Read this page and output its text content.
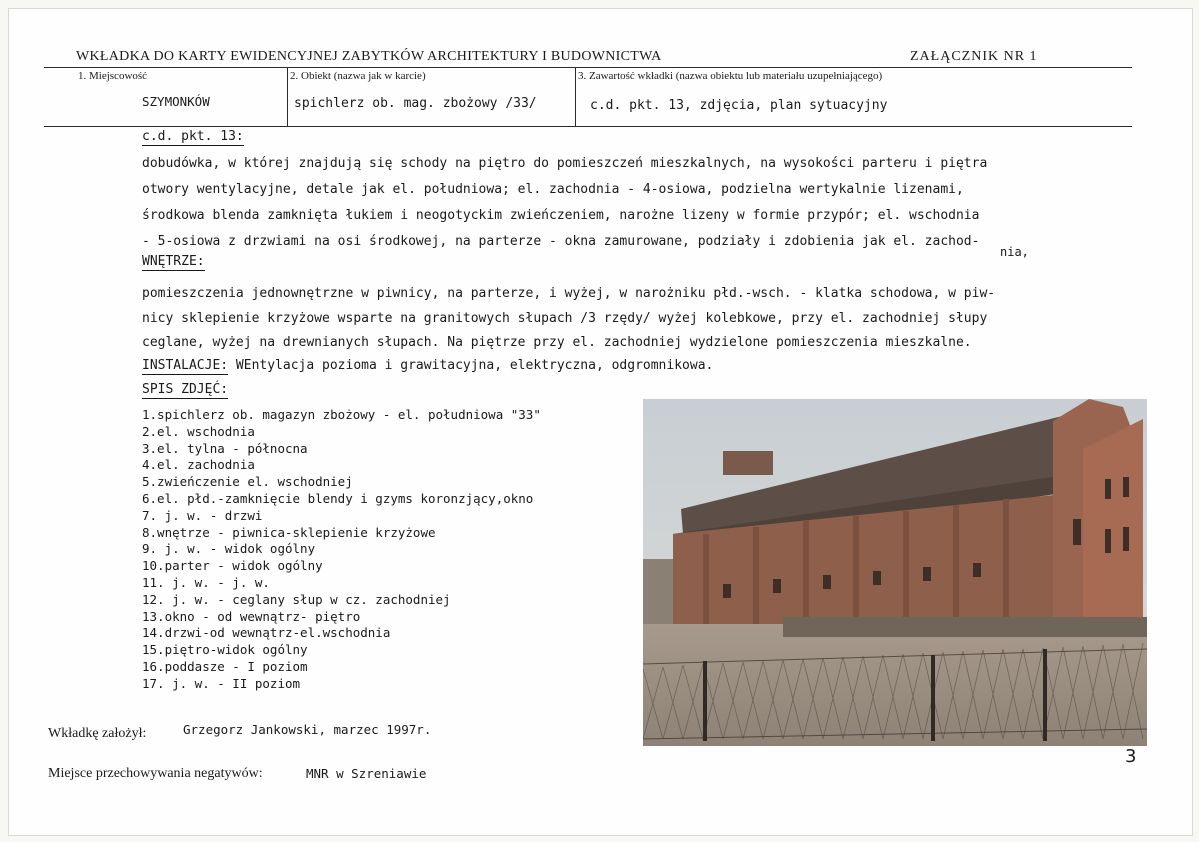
WKŁADKA DO KARTY EWIDENCYJNEJ ZABYTKÓW ARCHITEKTURY I BUDOWNICTWA	ZAŁĄCZNIK NR 1
1. Miejscowość
SZYMONKÓW
2. Obiekt (nazwa jak w karcie)
spichlerz ob. mag. zbożowy /33/
3. Zawartość wkładki (nazwa obiektu lub materiału uzupełniającego)
c.d. pkt. 13, zdjęcia, plan sytuacyjny
c.d. pkt. 13:
dobudówka, w której znajdują się schody na piętro do pomieszczeń mieszkalnych, na wysokości parteru i piętra
otwory wentylacyjne, detale jak el. południowa; el. zachodnia - 4-osiowa, podzielna wertykalnie lizenami,
środkowa blenda zamknięta łukiem i neogotyckim zwieńczeniem, narożne lizeny w formie przypór; el. wschodnia
- 5-osiowa z drzwiami na osi środkowej, na parterze - okna zamurowane, podziały i zdobienia jak el. zachod-
nia,
WNĘTRZE:
pomieszczenia jednownętrzne w piwnicy, na parterze, i wyżej, w narożniku płd.-wsch. - klatka schodowa, w piw-
nicy sklepienie krzyżowe wsparte na granitowych słupach /3 rzędy/ wyżej kolebkowe, przy el. zachodniej słupy
ceglane, wyżej na drewnianych słupach. Na piętrze przy el. zachodniej wydzielone pomieszczenia mieszkalne.
INSTALACJE: WEntylacja pozioma i grawitacyjna, elektryczna, odgromnikowa.
SPIS ZDJĘĆ:
1.spichlerz ob. magazyn zbożowy - el. południowa "33"
2.el. wschodnia
3.el. tylna - północna
4.el. zachodnia
5.zwieńczenie el. wschodniej
6.el. płd.-zamknięcie blendy i gzyms koronzjący,okno
7. j. w. - drzwi
8.wnętrze - piwnica-sklepienie krzyżowe
9. j. w. - widok ogólny
10.parter - widok ogólny
11. j. w. - j. w.
12. j. w. - ceglany słup w cz. zachodniej
13.okno - od wewnątrz- piętro
14.drzwi-od wewnątrz-el.wschodnia
15.piętro-widok ogólny
16.poddasze - I poziom
17. j. w. - II poziom
Wkładkę założył:	Grzegorz Jankowski, marzec 1997r.
Miejsce przechowywania negatywów:	MNR w Szreniawie
3
